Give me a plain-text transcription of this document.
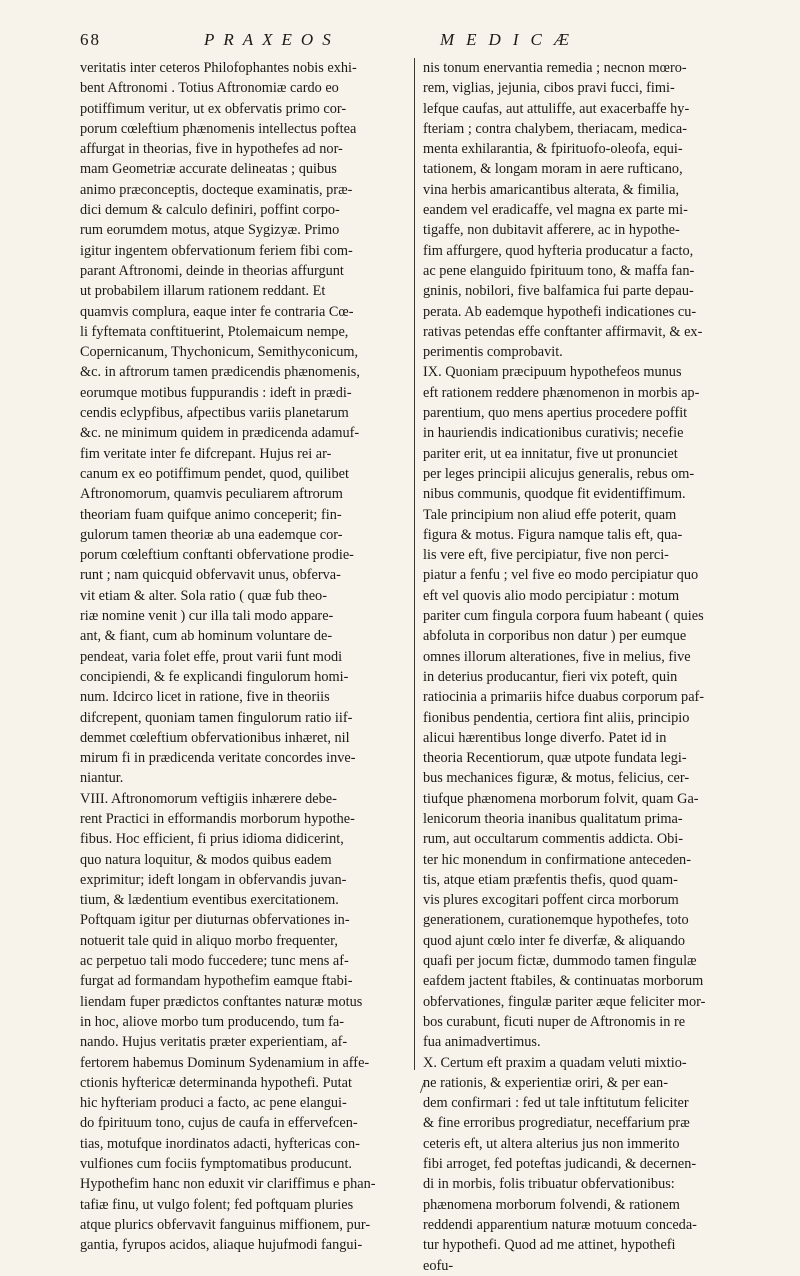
68	PRAXEOS	MEDICÆ
veritatis inter ceteros Philofophantes nobis exhi-
bent Aftronomi . Totius Aftronomiæ cardo eo
potiffimum veritur, ut ex obfervatis primo cor-
porum cœleftium phænomenis intellectus poftea
affurgat in theorias, five in hypothefes ad nor-
mam Geometriæ accurate delineatas ; quibus
animo præconceptis, docteque examinatis, præ-
dici demum & calculo definiri, poffint corpo-
rum eorumdem motus, atque Sygizyæ. Primo
igitur ingentem obfervationum feriem fibi com-
parant Aftronomi, deinde in theorias affurgunt
ut probabilem illarum rationem reddant. Et
quamvis complura, eaque inter fe contraria Cœ-
li fyftemata conftituerint, Ptolemaicum nempe,
Copernicanum, Thychonicum, Semithyconicum,
&c. in aftrorum tamen prædicendis phænomenis,
eorumque motibus fuppurandis : ideft in prædi-
cendis eclypfibus, afpectibus variis planetarum
&c. ne minimum quidem in prædicenda adamuf-
fim veritate inter fe difcrepant. Hujus rei ar-
canum ex eo potiffimum pendet, quod, quilibet
Aftronomorum, quamvis peculiarem aftrorum
theoriam fuam quifque animo conceperit; fin-
gulorum tamen theoriæ ab una eademque cor-
porum cœleftium conftanti obfervatione prodie-
runt ; nam quicquid obfervavit unus, obferva-
vit etiam & alter. Sola ratio ( quæ fub theo-
riæ nomine venit ) cur illa tali modo appare-
ant, & fiant, cum ab hominum voluntare de-
pendeat, varia folet effe, prout varii funt modi
concipiendi, & fe explicandi fingulorum homi-
num. Idcirco licet in ratione, five in theoriis
difcrepent, quoniam tamen fingulorum ratio iif-
demmet cœleftium obfervationibus inhæret, nil
mirum fi in prædicenda veritate concordes inve-
niantur.
VIII. Aftronomorum veftigiis inhærere debe-
rent Practici in efformandis morborum hypothe-
fibus. Hoc efficient, fi prius idioma didicerint,
quo natura loquitur, & modos quibus eadem
exprimitur; ideft longam in obfervandis juvan-
tium, & lædentium eventibus exercitationem.
Poftquam igitur per diuturnas obfervationes in-
notuerit tale quid in aliquo morbo frequenter,
ac perpetuo tali modo fuccedere; tunc mens af-
furgat ad formandam hypothefim eamque ftabi-
liendam fuper prædictos conftantes naturæ motus
in hoc, aliove morbo tum producendo, tum fa-
nando. Hujus veritatis præter experientiam, af-
fertorem habemus Dominum Sydenamium in affe-
ctionis hyftericæ determinanda hypothefi. Putat
hic hyfteriam produci a facto, ac pene elangui-
do fpirituum tono, cujus de caufa in effervefcen-
tias, motufque inordinatos adacti, hyftericas con-
vulfiones cum fociis fymptomatibus producunt.
Hypothefim hanc non eduxit vir clariffimus e phan-
tafiæ finu, ut vulgo folent; fed poftquam pluries
atque plurics obfervavit fanguinus miffionem, pur-
gantia, fyrupos acidos, aliaque hujufmodi fangui-
nis tonum enervantia remedia ; necnon mœro-
rem, viglias, jejunia, cibos pravi fucci, fimi-
lefque caufas, aut attuliffe, aut exacerbaffe hy-
fteriam ; contra chalybem, theriacam, medica-
menta exhilarantia, & fpirituofo-oleofa, equi-
tationem, & longam moram in aere rufticano,
vina herbis amaricantibus alterata, & fimilia,
eandem vel eradicaffe, vel magna ex parte mi-
tigaffe, non dubitavit afferere, ac in hypothe-
fim affurgere, quod hyfteria producatur a facto,
ac pene elanguido fpirituum tono, & maffa fan-
gninis, nobilori, five balfamica fui parte depau-
perata. Ab eademque hypothefi indicationes cu-
rativas petendas effe conftanter affirmavit, & ex-
perimentis comprobavit.
IX. Quoniam præcipuum hypothefeos munus
eft rationem reddere phænomenon in morbis ap-
parentium, quo mens apertius procedere poffit
in hauriendis indicationibus curativis; necefie
pariter erit, ut ea innitatur, five ut pronunciet
per leges principii alicujus generalis, rebus om-
nibus communis, quodque fit evidentiffimum.
Tale principium non aliud effe poterit, quam
figura & motus. Figura namque talis eft, qua-
lis vere eft, five percipiatur, five non perci-
piatur a fenfu ; vel five eo modo percipiatur quo
eft vel quovis alio modo percipiatur : motum
pariter cum fingula corpora fuum habeant ( quies
abfoluta in corporibus non datur ) per eumque
omnes illorum alterationes, five in melius, five
in deterius producantur, fieri vix poteft, quin
ratiocinia a primariis hifce duabus corporum paf-
fionibus pendentia, certiora fint aliis, principio
alicui hærentibus longe diverfo. Patet id in
theoria Recentiorum, quæ utpote fundata legi-
bus mechanices figuræ, & motus, felicius, cer-
tiufque phænomena morborum folvit, quam Ga-
lenicorum theoria inanibus qualitatum prima-
rum, aut occultarum commentis addicta. Obi-
ter hic monendum in confirmatione anteceden-
tis, atque etiam præfentis thefis, quod quam-
vis plures excogitari poffent circa morborum
generationem, curationemque hypothefes, toto
quod ajunt cœlo inter fe diverfæ, & aliquando
quafi per jocum fictæ, dummodo tamen fingulæ
eafdem jactent ftabiles, & continuatas morborum
obfervationes, fingulæ pariter æque feliciter mor-
bos curabunt, ficuti nuper de Aftronomis in re
fua animadvertimus.
X. Certum eft praxim a quadam veluti mixtio-
ne rationis, & experientiæ oriri, & per ean-
dem confirmari : fed ut tale inftitutum feliciter
& fine erroribus progrediatur, neceffarium præ
ceteris eft, ut altera alterius jus non immerito
fibi arroget, fed poteftas judicandi, & decernen-
di in morbis, folis tribuatur obfervationibus:
phænomena morborum folvendi, & rationem
reddendi apparentium naturæ motuum conceda-
tur hypothefi. Quod ad me attinet, hypothefi
eofu-
/
